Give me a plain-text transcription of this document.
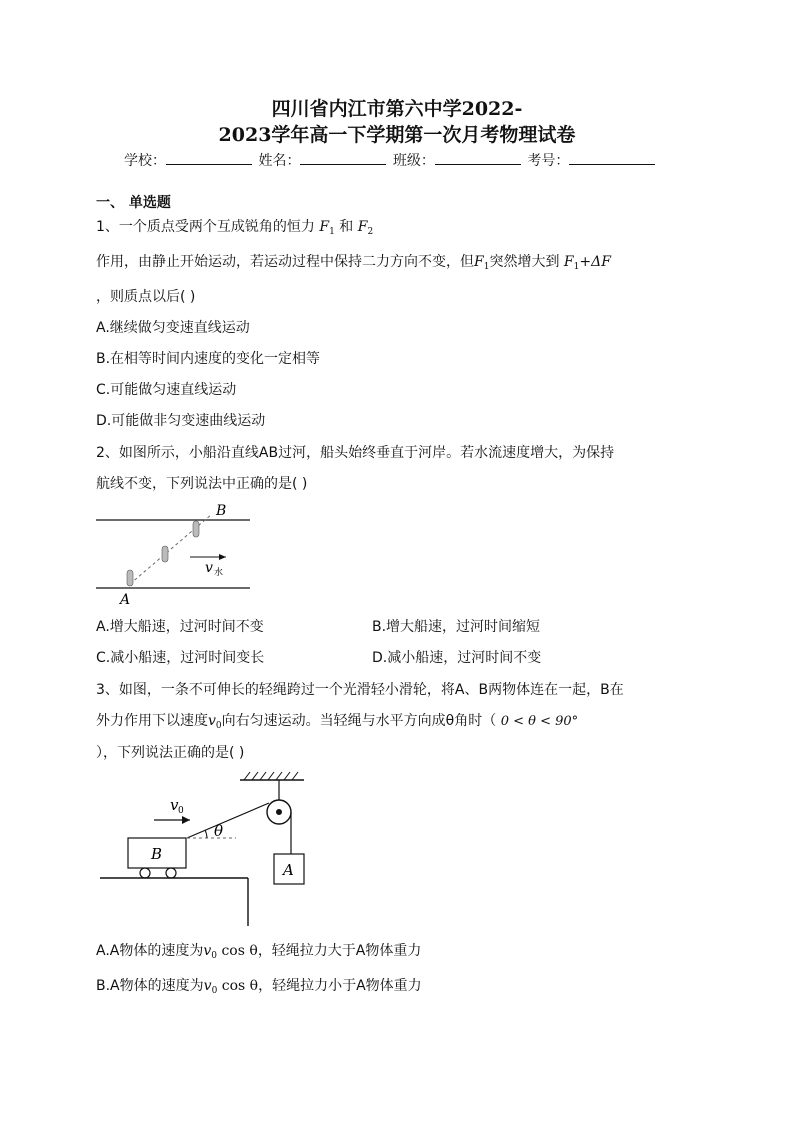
四川省内江市第六中学2022-
2023学年高一下学期第一次月考物理试卷
学校：	姓名：	班级：	考号：
一、 单选题
1、一个质点受两个互成锐角的恒力 $F_1$ 和 $F_2$
作用，由静止开始运动，若运动过程中保持二力方向不变，但$F_1$突然增大到 $F_1+\Delta F$
，则质点以后( )
A.继续做匀变速直线运动
B.在相等时间内速度的变化一定相等
C.可能做匀速直线运动
D.可能做非匀变速曲线运动
2、如图所示，小船沿直线AB过河，船头始终垂直于河岸。若水流速度增大，为保持
航线不变，下列说法中正确的是( )
B
A
v 水
A.增大船速，过河时间不变	B.增大船速，过河时间缩短
C.减小船速，过河时间变长	D.减小船速，过河时间不变
3、如图，一条不可伸长的轻绳跨过一个光滑轻小滑轮，将A、B两物体连在一起，B在
外力作用下以速度$v_0$向右匀速运动。当轻绳与水平方向成θ角时（ 0 < θ < 90°
），下列说法正确的是( )
θ
A
B
v 0
A.A物体的速度为$v_0$ cos θ，轻绳拉力大于A物体重力
B.A物体的速度为$v_0$ cos θ，轻绳拉力小于A物体重力
